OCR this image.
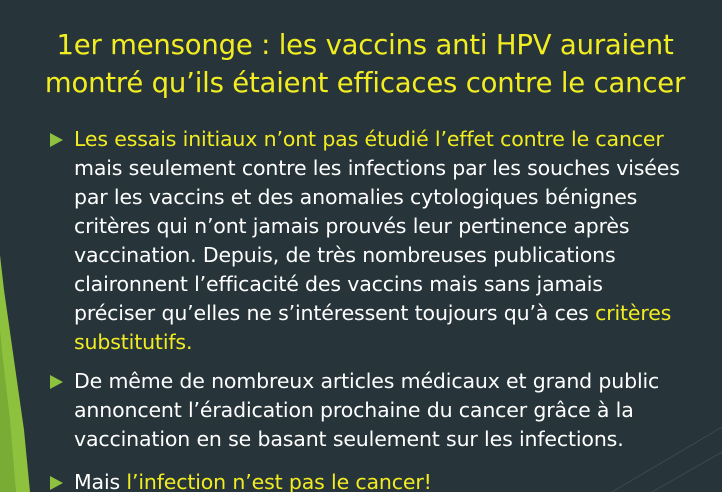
1er mensonge : les vaccins anti HPV auraient
montré qu’ils étaient efficaces contre le cancer
Les essais initiaux n’ont pas étudié l’effet contre le cancer
mais seulement contre les infections par les souches visées
par les vaccins et des anomalies cytologiques bénignes
critères qui n’ont jamais prouvés leur pertinence après
vaccination. Depuis, de très nombreuses publications
claironnent l’efficacité des vaccins mais sans jamais
préciser qu’elles ne s’intéressent toujours qu’à ces critères
substitutifs.
De même de nombreux articles médicaux et grand public
annoncent l’éradication prochaine du cancer grâce à la
vaccination en se basant seulement sur les infections.
Mais l’infection n’est pas le cancer!
